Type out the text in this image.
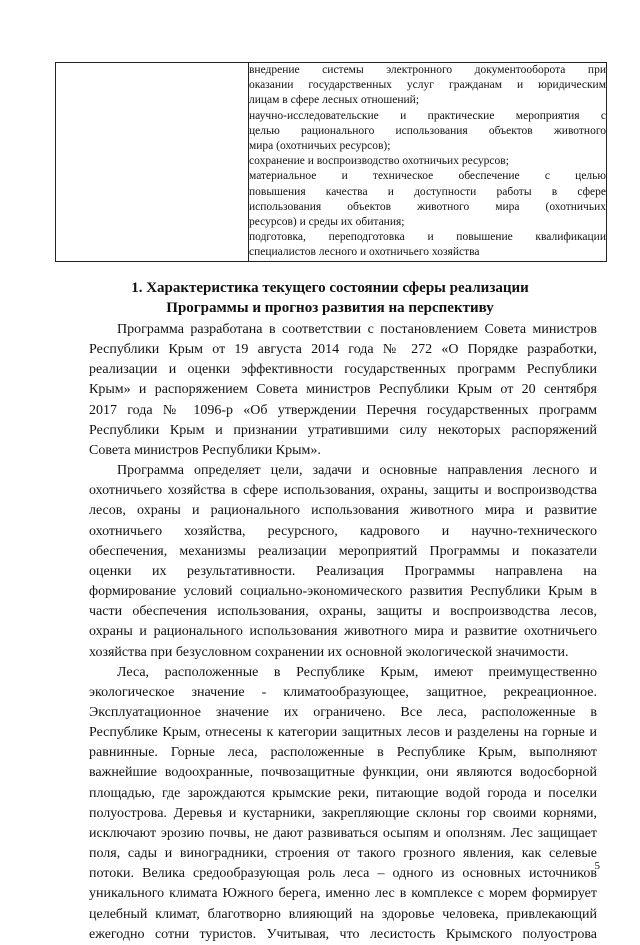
внедрение системы электронного документооборота при
оказании государственных услуг гражданам и юридическим
лицам в сфере лесных отношений;
научно-исследовательские и практические мероприятия с
целью рационального использования объектов животного
мира (охотничьих ресурсов);
сохранение и воспроизводство охотничьих ресурсов;
материальное и техническое обеспечение с целью
повышения качества и доступности работы в сфере
использования объектов животного мира (охотничьих
ресурсов) и среды их обитания;
подготовка, переподготовка и повышение квалификации
специалистов лесного и охотничьего хозяйства
1. Характеристика текущего состоянии сферы реализации
Программы и прогноз развития на перспективу
Программа разработана в соответствии с постановлением Совета министров
Республики Крым от 19 августа 2014 года № 272 «О Порядке разработки,
реализации и оценки эффективности государственных программ Республики
Крым» и распоряжением Совета министров Республики Крым от 20 сентября
2017 года № 1096-р «Об утверждении Перечня государственных программ
Республики Крым и признании утратившими силу некоторых распоряжений
Совета министров Республики Крым».
Программа определяет цели, задачи и основные направления лесного и
охотничьего хозяйства в сфере использования, охраны, защиты и воспроизводства
лесов, охраны и рационального использования животного мира и развитие
охотничьего хозяйства, ресурсного, кадрового и научно-технического
обеспечения, механизмы реализации мероприятий Программы и показатели
оценки их результативности. Реализация Программы направлена на
формирование условий социально-экономического развития Республики Крым в
части обеспечения использования, охраны, защиты и воспроизводства лесов,
охраны и рационального использования животного мира и развитие охотничьего
хозяйства при безусловном сохранении их основной экологической значимости.
Леса, расположенные в Республике Крым, имеют преимущественно
экологическое значение - климатообразующее, защитное, рекреационное.
Эксплуатационное значение их ограничено. Все леса, расположенные в
Республике Крым, отнесены к категории защитных лесов и разделены на горные и
равнинные. Горные леса, расположенные в Республике Крым, выполняют
важнейшие водоохранные, почвозащитные функции, они являются водосборной
площадью, где зарождаются крымские реки, питающие водой города и поселки
полуострова. Деревья и кустарники, закрепляющие склоны гор своими корнями,
исключают эрозию почвы, не дают развиваться осыпям и оползням. Лес защищает
поля, сады и виноградники, строения от такого грозного явления, как селевые
потоки. Велика средообразующая роль леса – одного из основных источников
уникального климата Южного берега, именно лес в комплексе с морем формирует
целебный климат, благотворно влияющий на здоровье человека, привлекающий
ежегодно сотни туристов. Учитывая, что лесистость Крымского полуострова
5
